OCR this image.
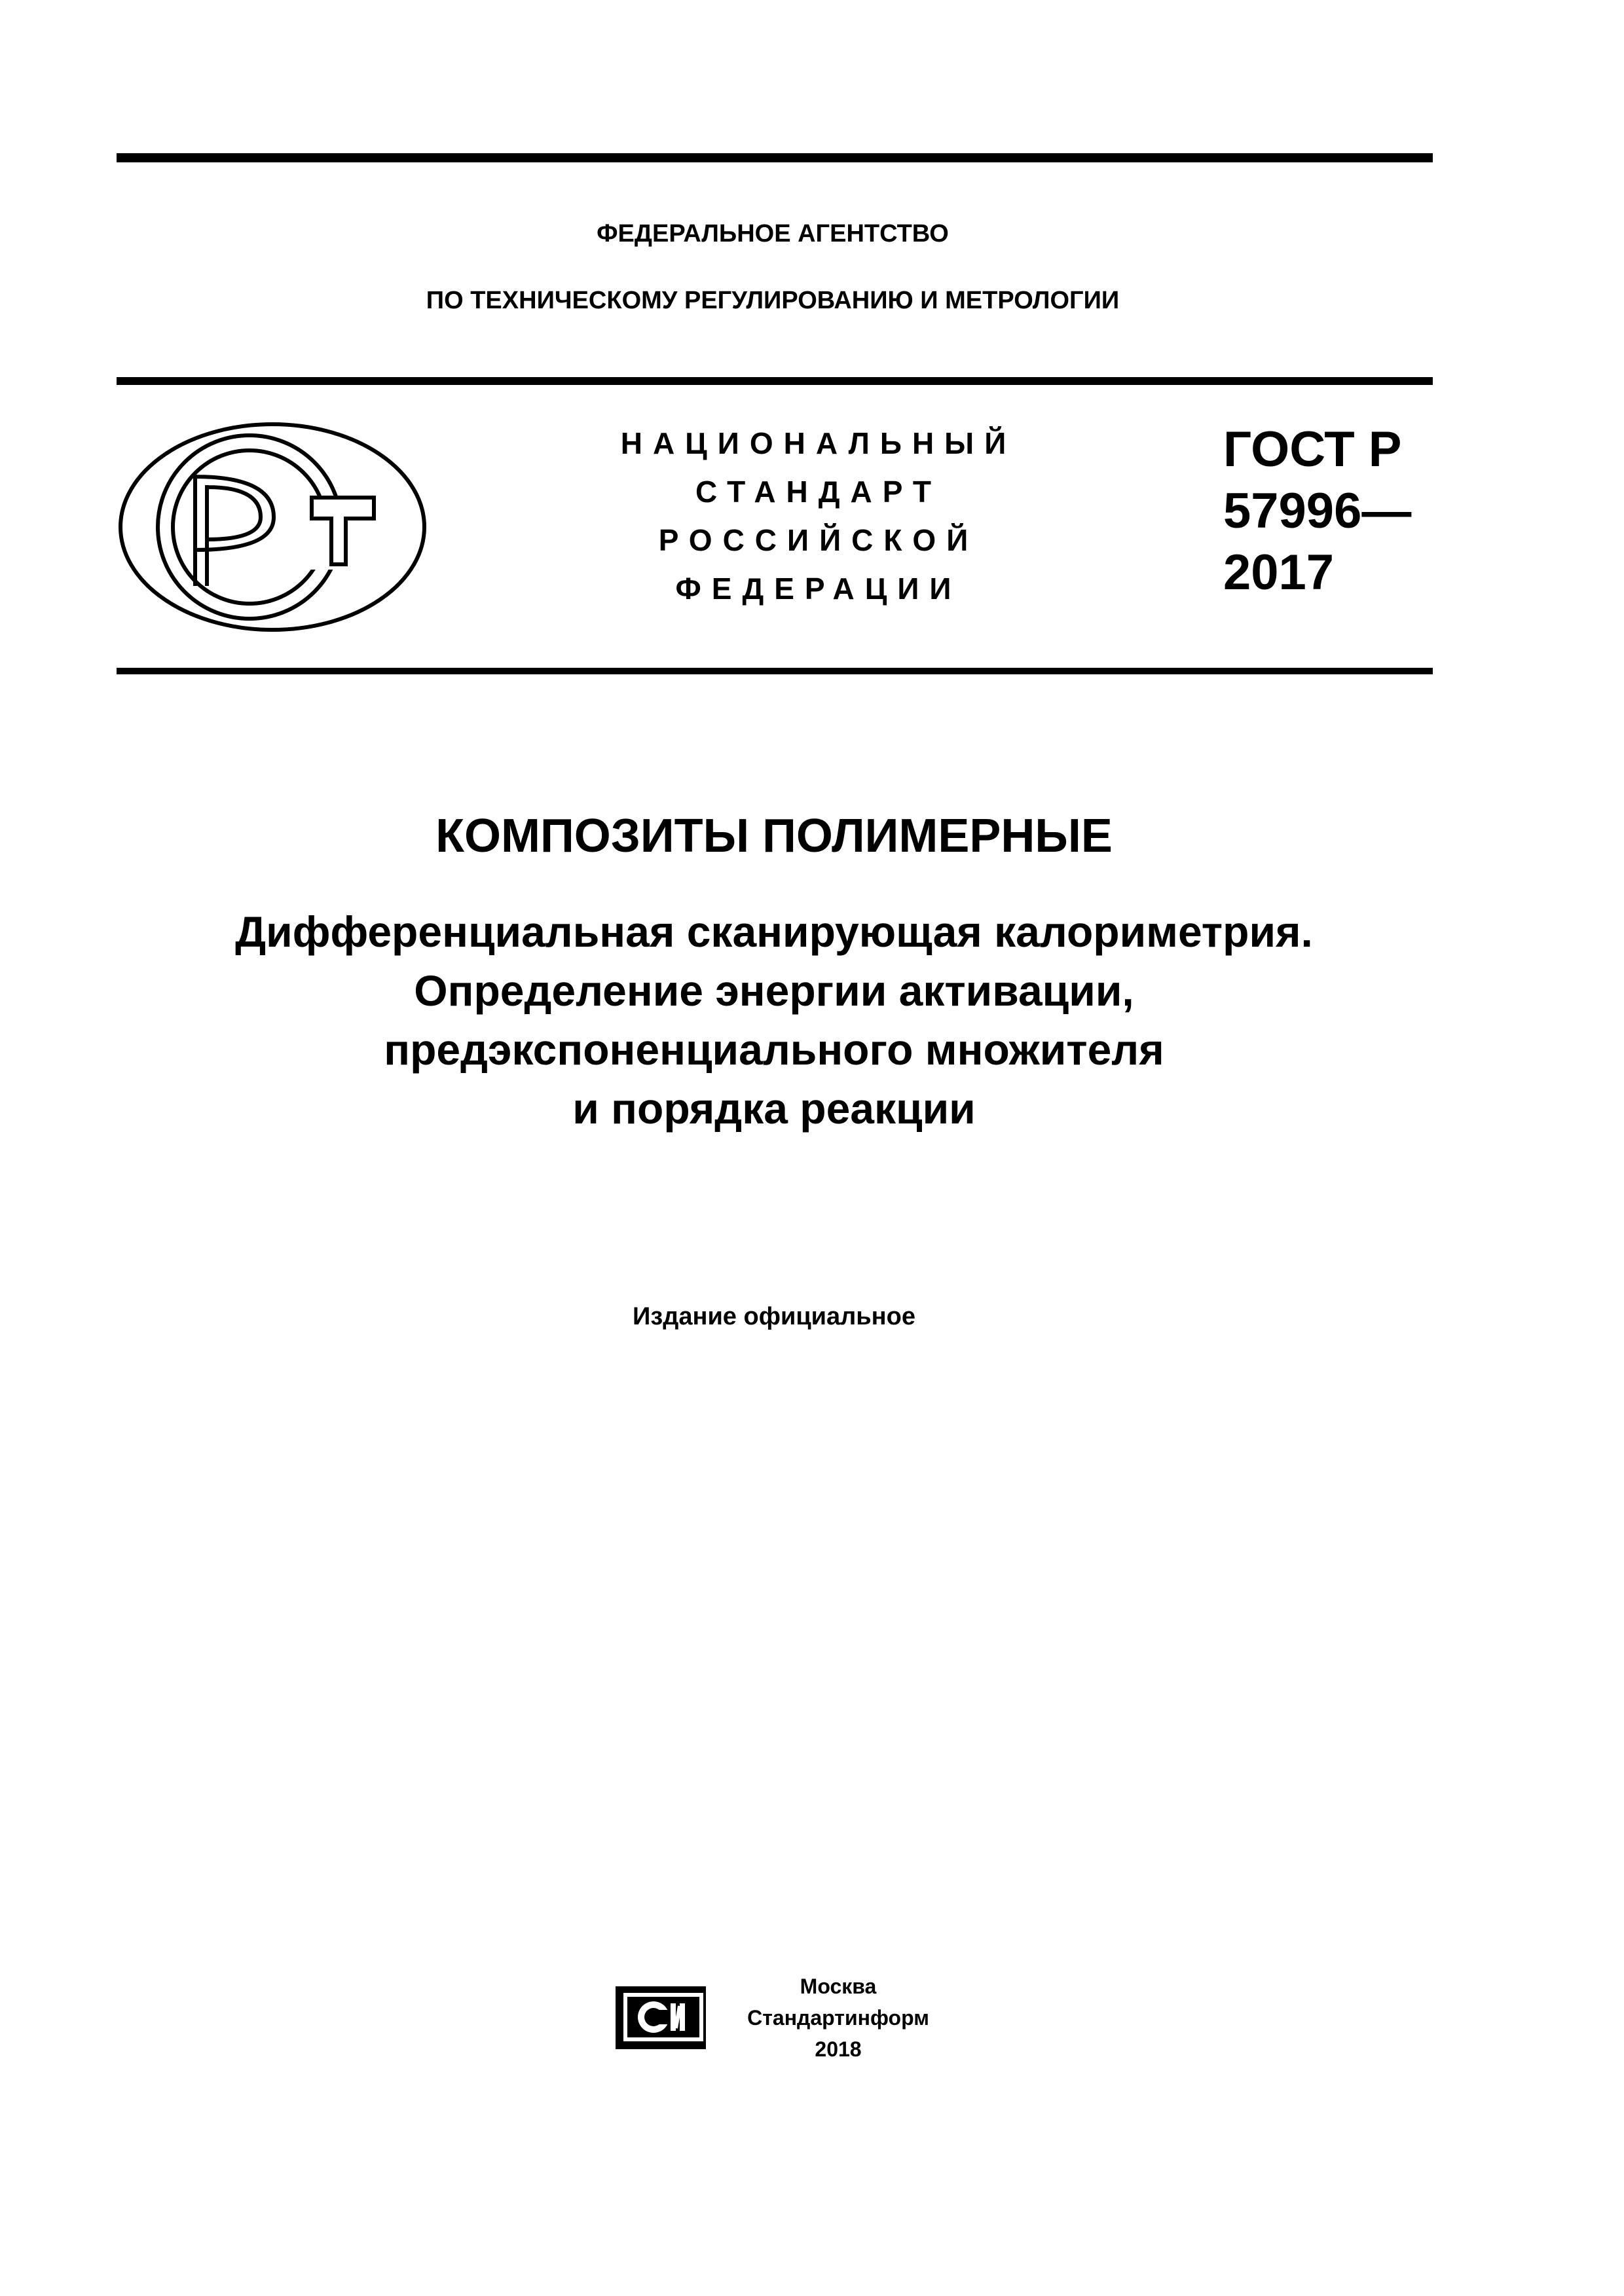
ФЕДЕРАЛЬНОЕ АГЕНТСТВО
ПО ТЕХНИЧЕСКОМУ РЕГУЛИРОВАНИЮ И МЕТРОЛОГИИ
НАЦИОНАЛЬНЫЙ
СТАНДАРТ
РОССИЙСКОЙ
ФЕДЕРАЦИИ
ГОСТ Р
57996—
2017
КОМПОЗИТЫ ПОЛИМЕРНЫЕ
Дифференциальная сканирующая калориметрия.
Определение энергии активации,
предэкспоненциального множителя
и порядка реакции
Издание официальное
Москва
Стандартинформ
2018
